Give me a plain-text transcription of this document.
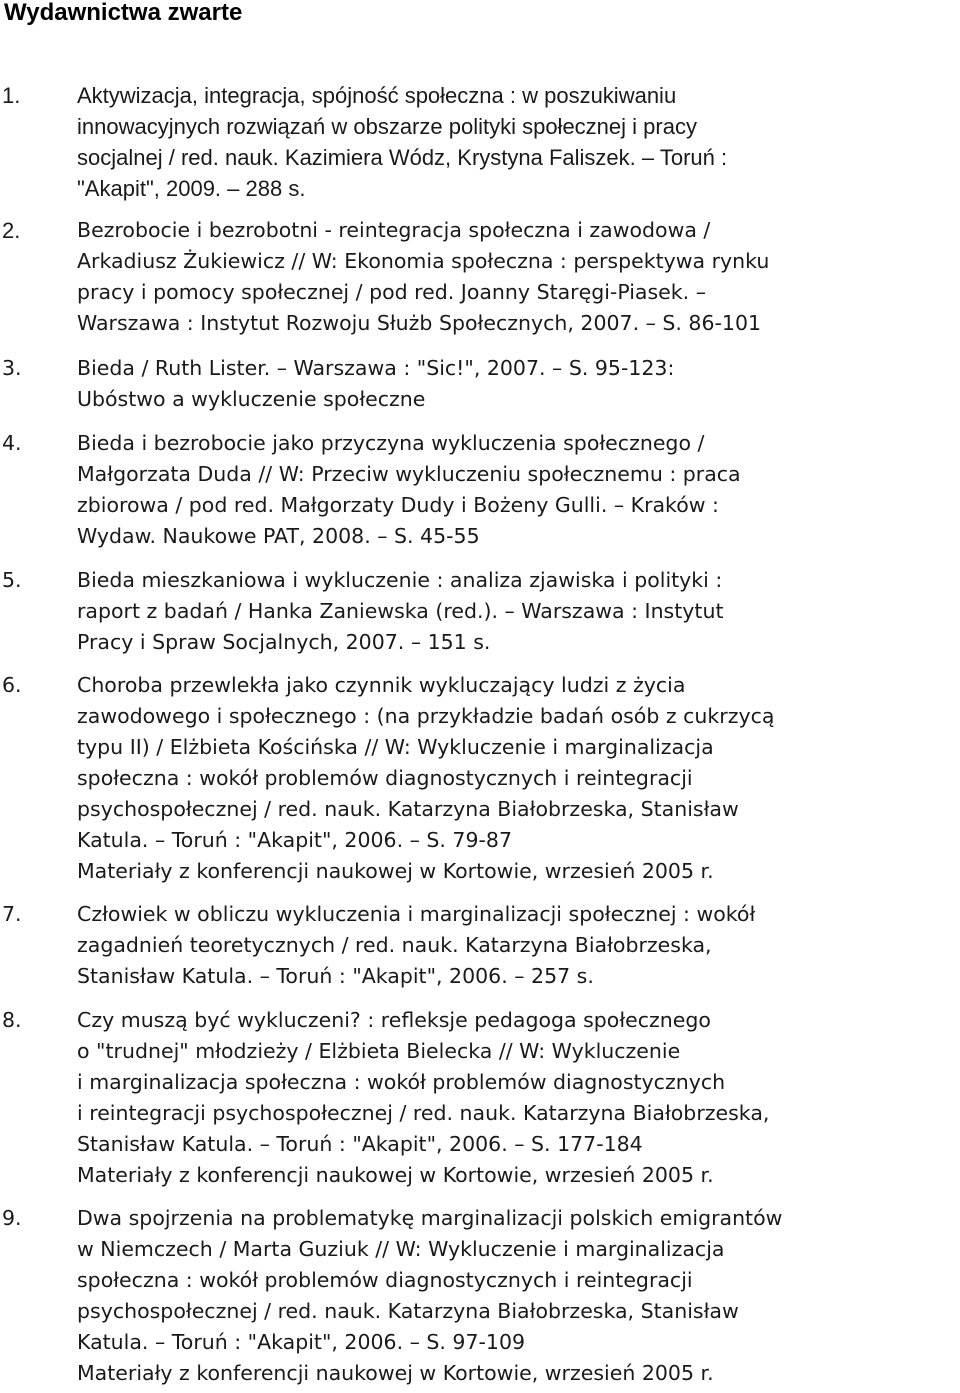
Wydawnictwa zwarte
1.	Aktywizacja, integracja, spójność społeczna : w poszukiwaniu
innowacyjnych rozwiązań w obszarze polityki społecznej i pracy
socjalnej / red. nauk. Kazimiera Wódz, Krystyna Faliszek. – Toruń :
"Akapit", 2009. – 288 s.
2.	Bezrobocie i bezrobotni - reintegracja społeczna i zawodowa /
Arkadiusz Żukiewicz // W: Ekonomia społeczna : perspektywa rynku
pracy i pomocy społecznej / pod red. Joanny Staręgi-Piasek. –
Warszawa : Instytut Rozwoju Służb Społecznych, 2007. – S. 86-101
3.	Bieda / Ruth Lister. – Warszawa : "Sic!", 2007. – S. 95-123:
Ubóstwo a wykluczenie społeczne
4.	Bieda i bezrobocie jako przyczyna wykluczenia społecznego /
Małgorzata Duda // W: Przeciw wykluczeniu społecznemu : praca
zbiorowa / pod red. Małgorzaty Dudy i Bożeny Gulli. – Kraków :
Wydaw. Naukowe PAT, 2008. – S. 45-55
5.	Bieda mieszkaniowa i wykluczenie : analiza zjawiska i polityki :
raport z badań / Hanka Zaniewska (red.). – Warszawa : Instytut
Pracy i Spraw Socjalnych, 2007. – 151 s.
6.	Choroba przewlekła jako czynnik wykluczający ludzi z życia
zawodowego i społecznego : (na przykładzie badań osób z cukrzycą
typu II) / Elżbieta Kościńska // W: Wykluczenie i marginalizacja
społeczna : wokół problemów diagnostycznych i reintegracji
psychospołecznej / red. nauk. Katarzyna Białobrzeska, Stanisław
Katula. – Toruń : "Akapit", 2006. – S. 79-87
Materiały z konferencji naukowej w Kortowie, wrzesień 2005 r.
7.	Człowiek w obliczu wykluczenia i marginalizacji społecznej : wokół
zagadnień teoretycznych / red. nauk. Katarzyna Białobrzeska,
Stanisław Katula. – Toruń : "Akapit", 2006. – 257 s.
8.	Czy muszą być wykluczeni? : refleksje pedagoga społecznego
o "trudnej" młodzieży / Elżbieta Bielecka // W: Wykluczenie
i marginalizacja społeczna : wokół problemów diagnostycznych
i reintegracji psychospołecznej / red. nauk. Katarzyna Białobrzeska,
Stanisław Katula. – Toruń : "Akapit", 2006. – S. 177-184
Materiały z konferencji naukowej w Kortowie, wrzesień 2005 r.
9.	Dwa spojrzenia na problematykę marginalizacji polskich emigrantów
w Niemczech / Marta Guziuk // W: Wykluczenie i marginalizacja
społeczna : wokół problemów diagnostycznych i reintegracji
psychospołecznej / red. nauk. Katarzyna Białobrzeska, Stanisław
Katula. – Toruń : "Akapit", 2006. – S. 97-109
Materiały z konferencji naukowej w Kortowie, wrzesień 2005 r.
